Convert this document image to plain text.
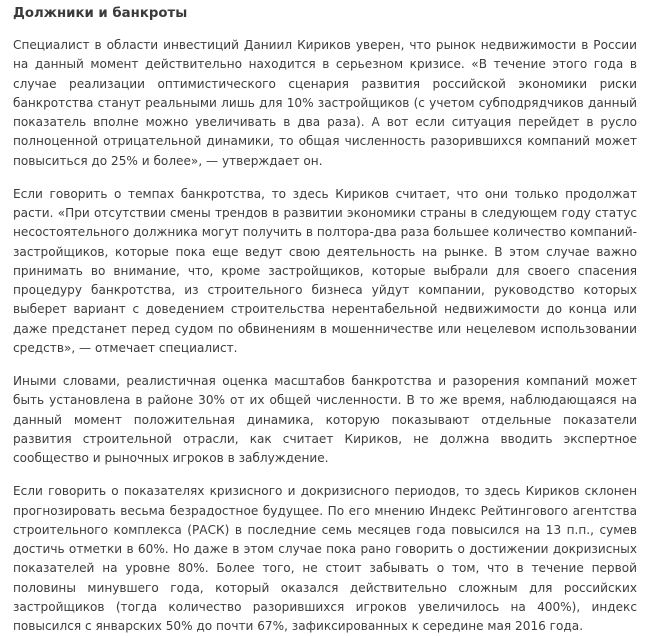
Должники и банкроты

Специалист в области инвестиций Даниил Кириков уверен, что рынок недвижимости в России на данный момент действительно находится в серьезном кризисе. «В течение этого года в случае реализации оптимистического сценария развития российской экономики риски банкротства станут реальными лишь для 10% застройщиков (с учетом субподрядчиков данный показатель вполне можно увеличивать в два раза). А вот если ситуация перейдет в русло полноценной отрицательной динамики, то общая численность разорившихся компаний может повыситься до 25% и более», — утверждает он.

Если говорить о темпах банкротства, то здесь Кириков считает, что они только продолжат расти. «При отсутствии смены трендов в развитии экономики страны в следующем году статус несостоятельного должника могут получить в полтора-два раза большее количество компаний-застройщиков, которые пока еще ведут свою деятельность на рынке. В этом случае важно принимать во внимание, что, кроме застройщиков, которые выбрали для своего спасения процедуру банкротства, из строительного бизнеса уйдут компании, руководство которых выберет вариант с доведением строительства нерентабельной недвижимости до конца или даже предстанет перед судом по обвинениям в мошенничестве или нецелевом использовании средств», — отмечает специалист.

Иными словами, реалистичная оценка масштабов банкротства и разорения компаний может быть установлена в районе 30% от их общей численности. В то же время, наблюдающаяся на данный момент положительная динамика, которую показывают отдельные показатели развития строительной отрасли, как считает Кириков, не должна вводить экспертное сообщество и рыночных игроков в заблуждение.

Если говорить о показателях кризисного и докризисного периодов, то здесь Кириков склонен прогнозировать весьма безрадостное будущее. По его мнению Индекс Рейтингового агентства строительного комплекса (РАСК) в последние семь месяцев года повысился на 13 п.п., сумев достичь отметки в 60%. Но даже в этом случае пока рано говорить о достижении докризисных показателей на уровне 80%. Более того, не стоит забывать о том, что в течение первой половины минувшего года, который оказался действительно сложным для российских застройщиков (тогда количество разорившихся игроков увеличилось на 400%), индекс повысился с январских 50% до почти 67%, зафиксированных к середине мая 2016 года.
